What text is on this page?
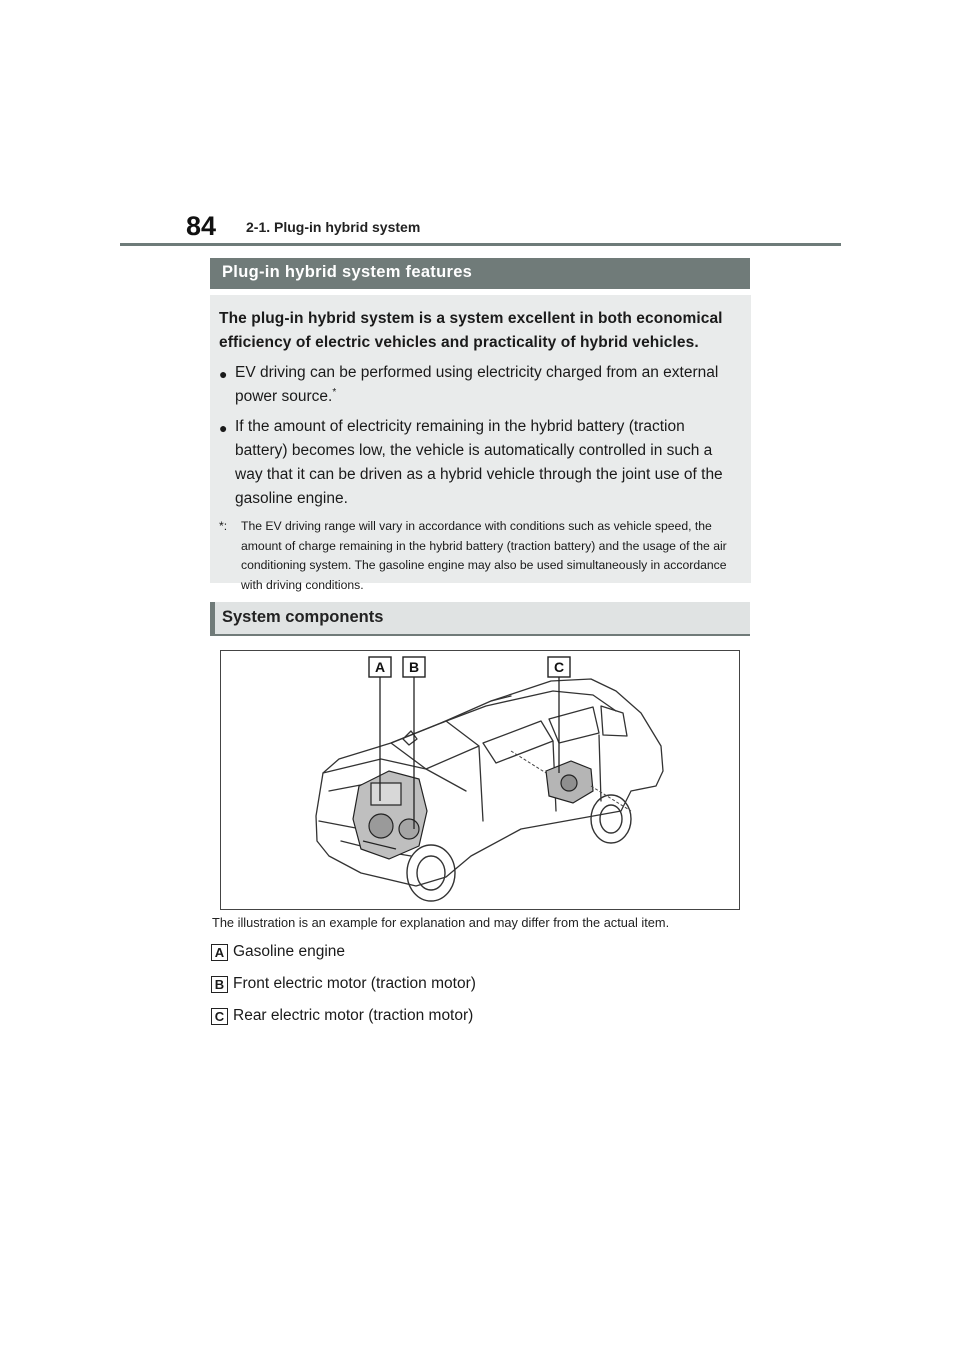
84 2-1. Plug-in hybrid system
Plug-in hybrid system features

The plug-in hybrid system is a system excellent in both economical efficiency of electric vehicles and practicality of hybrid vehicles.

● EV driving can be performed using electricity charged from an external power source.*
● If the amount of electricity remaining in the hybrid battery (traction battery) becomes low, the vehicle is automatically controlled in such a way that it can be driven as a hybrid vehicle through the joint use of the gasoline engine.
*:	The EV driving range will vary in accordance with conditions such as vehicle speed, the amount of charge remaining in the hybrid battery (traction battery) and the usage of the air conditioning system. The gasoline engine may also be used simultaneously in accordance with driving conditions.
System components
A B	C
The illustration is an example for explanation and may differ from the actual item.
A Gasoline engine
B Front electric motor (traction motor)
C Rear electric motor (traction motor)
